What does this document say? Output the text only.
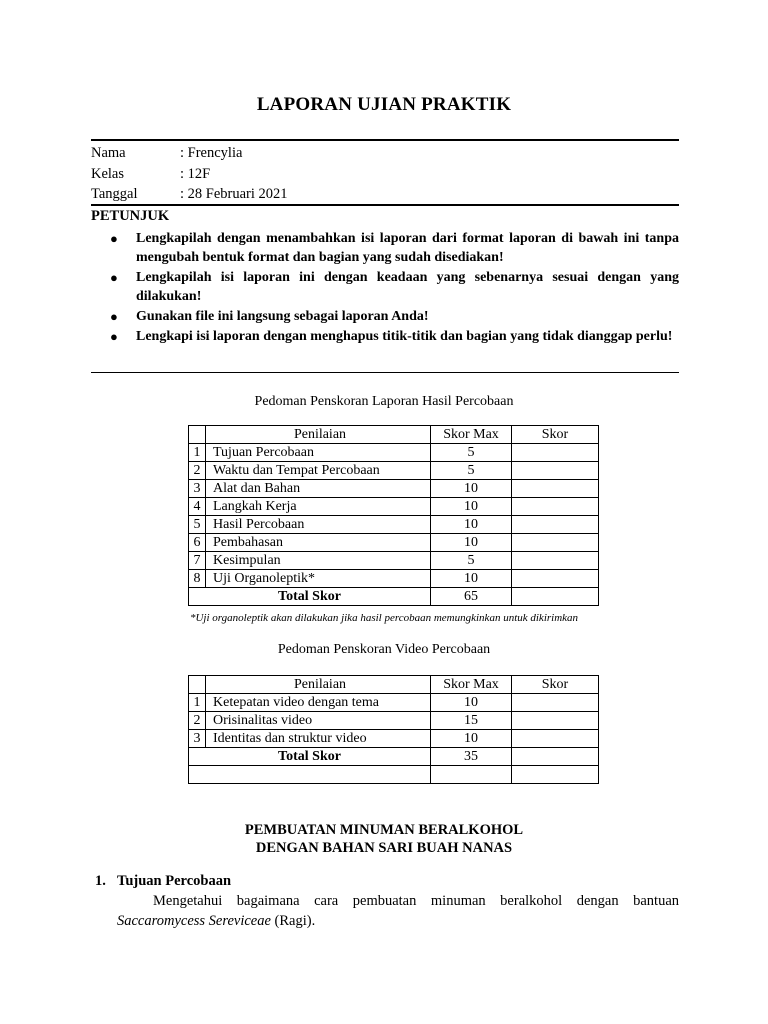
LAPORAN UJIAN PRAKTIK
Nama	: Frencylia
Kelas	: 12F
Tanggal	: 28 Februari 2021
PETUNJUK
● Lengkapilah dengan menambahkan isi laporan dari format laporan di bawah ini tanpa mengubah bentuk format dan bagian yang sudah disediakan!
● Lengkapilah isi laporan ini dengan keadaan yang sebenarnya sesuai dengan yang dilakukan!
● Gunakan file ini langsung sebagai laporan Anda!
● Lengkapi isi laporan dengan menghapus titik-titik dan bagian yang tidak dianggap perlu!
Pedoman Penskoran Laporan Hasil Percobaan
	Penilaian	Skor Max	Skor
1	Tujuan Percobaan	5	
2	Waktu dan Tempat Percobaan	5	
3	Alat dan Bahan	10	
4	Langkah Kerja	10	
5	Hasil Percobaan	10	
6	Pembahasan	10	
7	Kesimpulan	5	
8	Uji Organoleptik*	10	
Total Skor		65	
*Uji organoleptik akan dilakukan jika hasil percobaan memungkinkan untuk dikirimkan
Pedoman Penskoran Video Percobaan
	Penilaian	Skor Max	Skor
1	Ketepatan video dengan tema	10	
2	Orisinalitas video	15	
3	Identitas dan struktur video	10	
Total Skor		35	

PEMBUATAN MINUMAN BERALKOHOL
DENGAN BAHAN SARI BUAH NANAS
1. Tujuan Percobaan
Mengetahui bagaimana cara pembuatan minuman beralkohol dengan bantuan Saccaromycess Sereviceae (Ragi).
